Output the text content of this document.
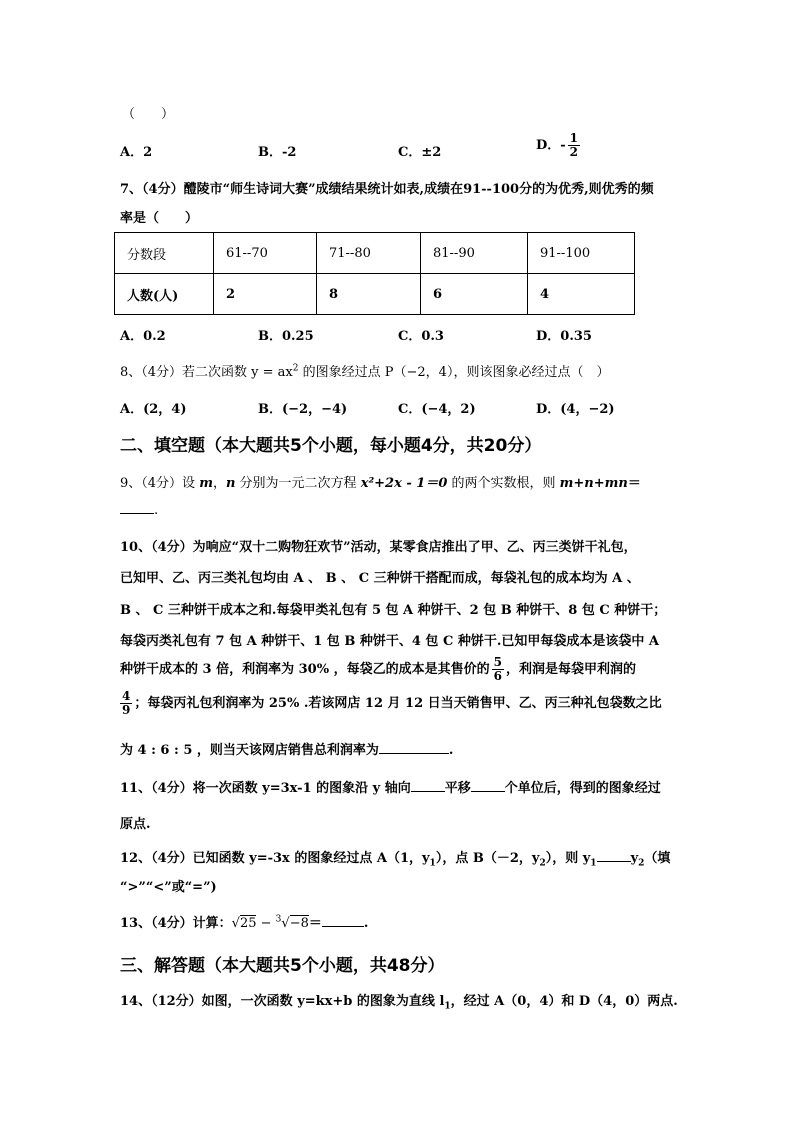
（　　）
A．2	B．-2	C．±2	D．- $\frac{1}{2}$
7、（4分）醴陵市“师生诗词大赛”成绩结果统计如表,成绩在91--100分的为优秀,则优秀的频
率是（　　）
分数段	61--70	71--80	81--90	91--100
人数(人)	2	8	6	4
A．0.2	B．0.25	C．0.3	D．0.35
8、（4分）若二次函数 $y = ax^2$ 的图象经过点 P（−2，4），则该图象必经过点（　）
A．(2，4)	B．(−2，−4)	C．(−4，2)	D．(4，−2)
二、填空题（本大题共5个小题，每小题4分，共20分）
9、（4分）设 m，n 分别为一元二次方程 x²+2x - 1＝0 的两个实数根，则 m+n+mn＝
.
10、（4分）为响应“双十二购物狂欢节”活动，某零食店推出了甲、乙、丙三类饼干礼包，
已知甲、乙、丙三类礼包均由 A 、 B 、 C 三种饼干搭配而成，每袋礼包的成本均为 A 、
B 、 C 三种饼干成本之和.每袋甲类礼包有 5 包 A 种饼干、2 包 B 种饼干、8 包 C 种饼干；
每袋丙类礼包有 7 包 A 种饼干、1 包 B 种饼干、4 包 C 种饼干.已知甲每袋成本是该袋中 A
种饼干成本的 3 倍，利润率为 30% ，每袋乙的成本是其售价的 $\frac{5}{6}$ ，利润是每袋甲利润的
$\frac{4}{9}$ ；每袋丙礼包利润率为 25% .若该网店 12 月 12 日当天销售甲、乙、丙三种礼包袋数之比
为 4 : 6 : 5 ，则当天该网店销售总利润率为	.
11、（4分）将一次函数 y=3x-1 的图象沿 y 轴向	平移	个单位后，得到的图象经过
原点.
12、（4分）已知函数 y=-3x 的图象经过点 A（1，$y_1$），点 B（－2，$y_2$），则 $y_1$	$y_2$（填
“>”“<”或“=”)
13、（4分）计算：√25 − $^3$√−8＝	.
三、解答题（本大题共5个小题，共48分）
14、（12分）如图，一次函数 y=kx+b 的图象为直线 $l_1$，经过 A（0，4）和 D（4，0）两点.
